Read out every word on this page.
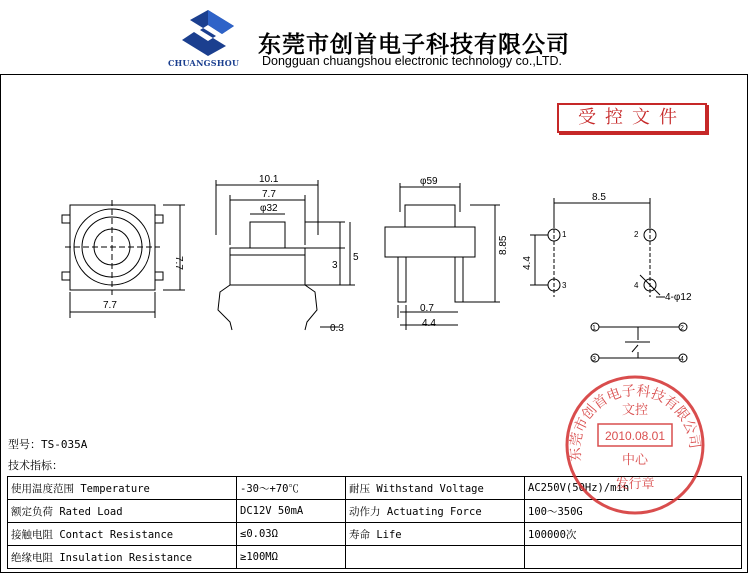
CHUANGSHOU
东莞市创首电子科技有限公司
Dongguan chuangshou electronic technology co.,LTD.
受控文件
7.7
7.7
10.1
7.7
φ32
3
5
0.3
φ59
8.85
0.7
4.4
8.5
4.4
4-φ12
1	2
3	4
1	2
3	4
型号：TS-035A
技术指标：
使用温度范围 Temperature	-30～+70℃	耐压 Withstand Voltage	AC250V(50Hz)/min
额定负荷 Rated Load	DC12V 50mA	动作力 Actuating Force	100～350G
接触电阻 Contact Resistance	≤0.03Ω	寿命 Life	100000次
绝缘电阻 Insulation Resistance	≥100MΩ		
东莞市创首电子科技有限公司
文控
2010.08.01
中心
发行章
